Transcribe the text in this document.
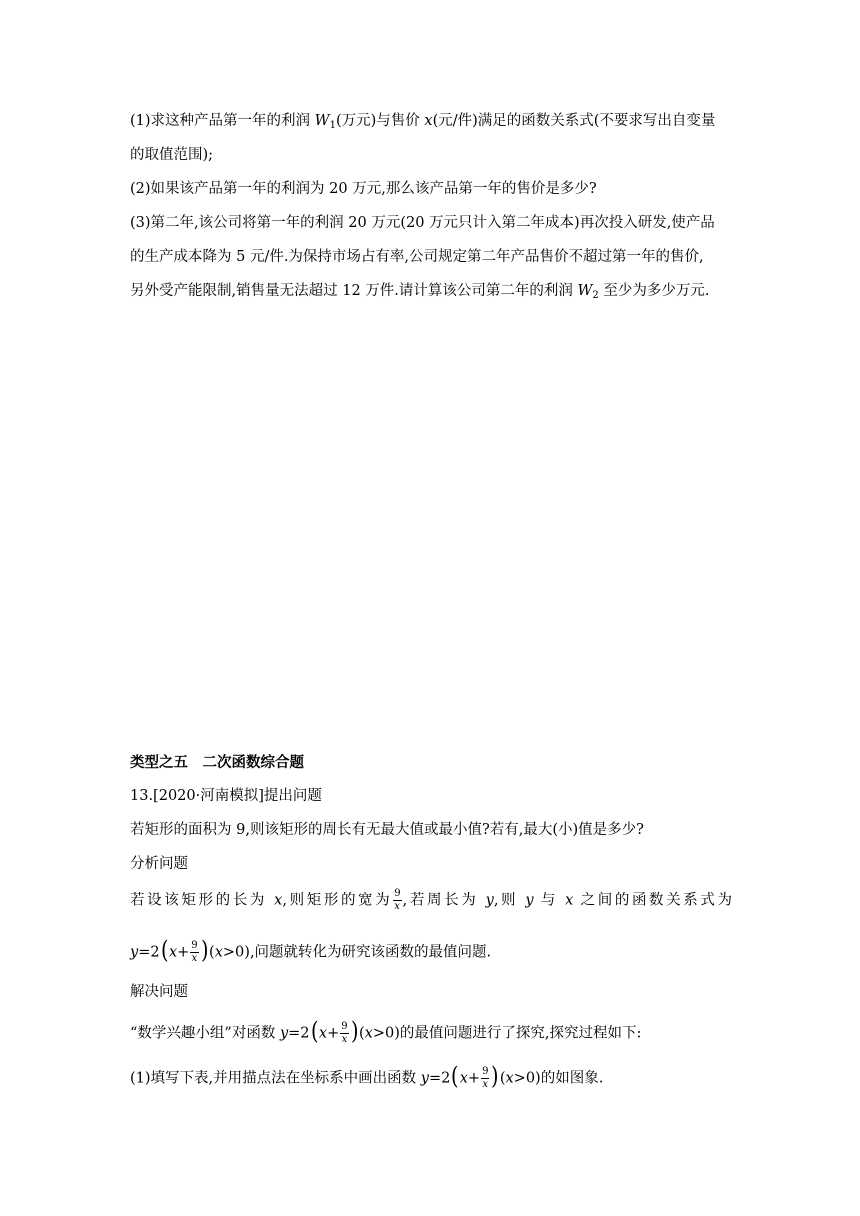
(1)求这种产品第一年的利润 $W_1$(万元)与售价 x(元/件)满足的函数关系式(不要求写出自变量
的取值范围);
(2)如果该产品第一年的利润为 20 万元,那么该产品第一年的售价是多少?
(3)第二年,该公司将第一年的利润 20 万元(20 万元只计入第二年成本)再次投入研发,使产品
的生产成本降为 5 元/件.为保持市场占有率,公司规定第二年产品售价不超过第一年的售价,
另外受产能限制,销售量无法超过 12 万件.请计算该公司第二年的利润 $W_2$ 至少为多少万元.
类型之五　二次函数综合题
13.[2020·河南模拟]提出问题
若矩形的面积为 9,则该矩形的周长有无最大值或最小值?若有,最大(小)值是多少?
分析问题
若设该矩形的长为 x,则矩形的宽为 $\frac{9}{x}$ ,若周长为 y,则 y 与 x 之间的函数关系式为
$y=2(x+ \frac{9}{x} )(x>0)$,问题就转化为研究该函数的最值问题.
解决问题
“数学兴趣小组”对函数 $y=2(x+ \frac{9}{x} )(x>0)$的最值问题进行了探究,探究过程如下:
(1)填写下表,并用描点法在坐标系中画出函数 $y=2(x+ \frac{9}{x} )(x>0)$的如图象.
